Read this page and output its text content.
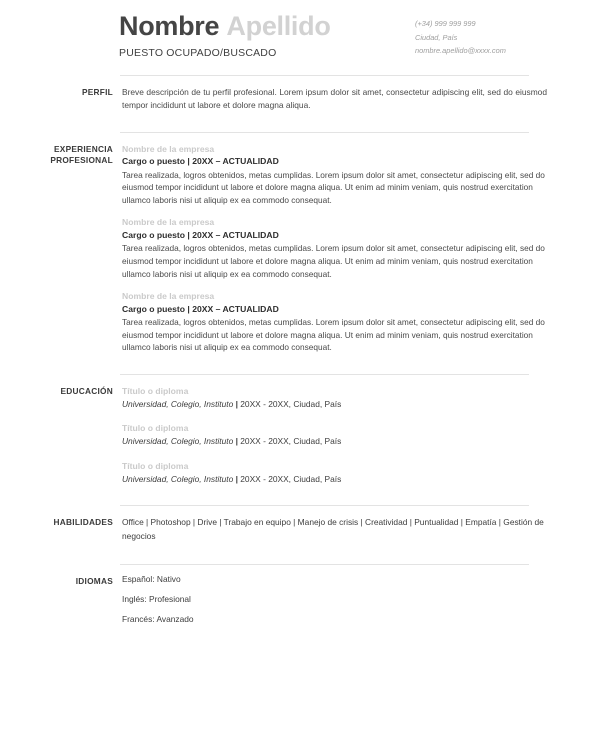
Nombre Apellido
PUESTO OCUPADO/BUSCADO
(+34) 999 999 999
Ciudad, País
nombre.apellido@xxxx.com
PERFIL Breve descripción de tu perfil profesional. Lorem ipsum dolor sit amet, consectetur adipiscing elit, sed do eiusmod tempor incididunt ut labore et dolore magna aliqua.

EXPERIENCIA
PROFESIONAL
Nombre de la empresa
Cargo o puesto | 20XX – ACTUALIDAD
Tarea realizada, logros obtenidos, metas cumplidas. Lorem ipsum dolor sit amet, consectetur adipiscing elit, sed do eiusmod tempor incididunt ut labore et dolore magna aliqua. Ut enim ad minim veniam, quis nostrud exercitation ullamco laboris nisi ut aliquip ex ea commodo consequat.
Nombre de la empresa
Cargo o puesto | 20XX – ACTUALIDAD
Tarea realizada, logros obtenidos, metas cumplidas. Lorem ipsum dolor sit amet, consectetur adipiscing elit, sed do eiusmod tempor incididunt ut labore et dolore magna aliqua. Ut enim ad minim veniam, quis nostrud exercitation ullamco laboris nisi ut aliquip ex ea commodo consequat.
Nombre de la empresa
Cargo o puesto | 20XX – ACTUALIDAD
Tarea realizada, logros obtenidos, metas cumplidas. Lorem ipsum dolor sit amet, consectetur adipiscing elit, sed do eiusmod tempor incididunt ut labore et dolore magna aliqua. Ut enim ad minim veniam, quis nostrud exercitation ullamco laboris nisi ut aliquip ex ea commodo consequat.
EDUCACIÓN Título o diploma
Universidad, Colegio, Instituto | 20XX - 20XX, Ciudad, País
Título o diploma
Universidad, Colegio, Instituto | 20XX - 20XX, Ciudad, País
Título o diploma
Universidad, Colegio, Instituto | 20XX - 20XX, Ciudad, País
HABILIDADES Office | Photoshop | Drive | Trabajo en equipo | Manejo de crisis | Creatividad | Puntualidad | Empatía | Gestión de negocios
IDIOMAS Español: Nativo
Inglés: Profesional
Francés: Avanzado
